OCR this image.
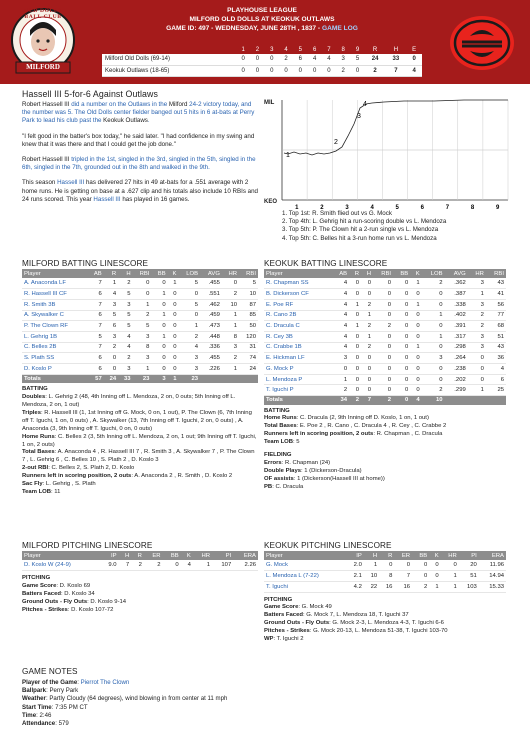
OLD DOLLS BALL CLUB
MILFORD
PLAYHOUSE LEAGUE
MILFORD OLD DOLLS AT KEOKUK OUTLAWS
GAME ID: 497 - WEDNESDAY, JUNE 28TH , 1837 - GAME LOG
	1	2	3	4	5	6	7	8	9	R	H	E
Milford Old Dolls (69-14)	0	0	0	2	6	4	4	3	5	24	33	0
Keokuk Outlaws (18-65)	0	0	0	0	0	0	0	2	0	2	7	4
Hassell III 5-for-6 Against Outlaws

Robert Hassell III did a number on the Outlaws in the Milford 24-2 victory today, and the number was 5. The Old Dolls center fielder banged out 5 hits in 6 at-bats at Perry Park to lead his club past the Keokuk Outlaws.

"I felt good in the batter's box today," he said later. "I had confidence in my swing and knew that it was there and that I could get the job done."

Robert Hassell III tripled in the 1st, singled in the 3rd, singled in the 5th, singled in the 6th, singled in the 7th, grounded out in the 8th and walked in the 9th.

This season Hassell III has delivered 27 hits in 49 at-bats for a .551 average with 2 home runs. He is getting on base at a .627 clip and his totals also include 10 RBIs and 24 runs scored. This year Hassell III has played in 16 games.

MIL
KEO
1
2
3
4
1	2	3	4	5	6	7	8	9
1. Top 1st: R. Smith flied out vs G. Mock
2. Top 4th: L. Gehrig hit a run-scoring double vs L. Mendoza
3. Top 5th: P. The Clown hit a 2-run single vs L. Mendoza
4. Top 5th: C. Belles hit a 3-run home run vs L. Mendoza
MILFORD BATTING LINESCORE
Player	AB	R	H	RBI	BB	K	LOB	AVG	HR	RBI
A. Anaconda LF	7	1	2	0	0	1	5	.455	0	5
R. Hassell III CF	6	4	5	0	1	0	0	.551	2	10
R. Smith 3B	7	3	3	1	0	0	5	.462	10	87
A. Skywalker C	6	5	5	2	1	0	0	.459	1	85
P. The Clown RF	7	6	5	5	0	0	1	.473	1	50
L. Gehrig 1B	5	3	4	3	1	0	2	.448	8	120
C. Belles 2B	7	2	4	8	0	0	4	.336	3	31
S. Plath SS	6	0	2	3	0	0	3	.455	2	74
D. Koslo P	6	0	3	1	0	0	3	.226	1	24
Totals	57	24	33	23	3	1	23			
BATTING
Doubles: L. Gehrig 2 (48, 4th Inning off L. Mendoza, 2 on, 0 outs; 5th Inning off L. Mendoza, 2 on, 1 out)
Triples: R. Hassell III (1, 1st Inning off G. Mock, 0 on, 1 out), P. The Clown (6, 7th Inning off T. Iguchi, 1 on, 0 outs) , A. Skywalker (13, 7th Inning off T. Iguchi, 2 on, 0 outs) , A. Anaconda (3, 9th Inning off T. Iguchi, 0 on, 0 outs)
Home Runs: C. Belles 2 (3, 5th Inning off L. Mendoza, 2 on, 1 out; 9th Inning off T. Iguchi, 1 on, 2 outs)
Total Bases: A. Anaconda 4 , R. Hassell III 7 , R. Smith 3 , A. Skywalker 7 , P. The Clown 7 , L. Gehrig 6 , C. Belles 10 , S. Plath 2 , D. Koslo 3
2-out RBI: C. Belles 2, S. Plath 2, D. Koslo
Runners left in scoring position, 2 outs: A. Anaconda 2 , R. Smith , D. Koslo 2
Sac Fly: L. Gehrig , S. Plath
Team LOB: 11
KEOKUK BATTING LINESCORE
Player	AB	R	H	RBI	BB	K	LOB	AVG	HR	RBI
R. Chapman SS	4	0	0	0	0	1	2	.362	3	43
B. Dickerson CF	4	0	0	0	0	0	0	.387	1	41
E. Poe RF	4	1	2	0	0	1	0	.338	3	56
R. Cano 2B	4	0	1	0	0	0	1	.402	2	77
C. Dracula C	4	1	2	2	0	0	0	.391	2	68
R. Cey 3B	4	0	1	0	0	0	1	.317	3	51
C. Crabbe 1B	4	0	2	0	0	1	0	.298	3	43
E. Hickman LF	3	0	0	0	0	0	3	.264	0	36
G. Mock P	0	0	0	0	0	0	0	.238	0	4
L. Mendoza P	1	0	0	0	0	0	0	.202	0	6
T. Iguchi P	2	0	0	0	0	0	2	.299	1	25
Totals	34	2	7	2	0	4	10			
BATTING
Home Runs: C. Dracula (2, 9th Inning off D. Koslo, 1 on, 1 out)
Total Bases: E. Poe 2 , R. Cano , C. Dracula 4 , R. Cey , C. Crabbe 2
Runners left in scoring position, 2 outs: R. Chapman , C. Dracula
Team LOB: 5
FIELDING
Errors: R. Chapman (24)
Double Plays: 1 (Dickerson-Dracula)
OF assists: 1 (Dickerson(Hassell III at home))
PB: C. Dracula
MILFORD PITCHING LINESCORE
Player	IP	H	R	ER	BB	K	HR	PI	ERA
D. Koslo W (24-9)	9.0	7	2	2	0	4	1	107	2.26
PITCHING
Game Score: D. Koslo 69
Batters Faced: D. Koslo 34
Ground Outs - Fly Outs: D. Koslo 9-14
Pitches - Strikes: D. Koslo 107-72
KEOKUK PITCHING LINESCORE
Player	IP	H	R	ER	BB	K	HR	PI	ERA
G. Mock	2.0	1	0	0	0	0	0	20	11.96
L. Mendoza L (7-22)	2.1	10	8	7	0	0	1	51	14.94
T. Iguchi	4.2	22	16	16	2	1	1	103	15.33
PITCHING
Game Score: G. Mock 49
Batters Faced: G. Mock 7, L. Mendoza 18, T. Iguchi 37
Ground Outs - Fly Outs: G. Mock 2-3, L. Mendoza 4-3, T. Iguchi 6-6
Pitches - Strikes: G. Mock 20-13, L. Mendoza 51-38, T. Iguchi 103-70
WP: T. Iguchi 2
GAME NOTES
Player of the Game: Pierrot The Clown
Ballpark: Perry Park
Weather: Partly Cloudy (64 degrees), wind blowing in from center at 11 mph
Start Time: 7:35 PM CT
Time: 2:46
Attendance: 579
